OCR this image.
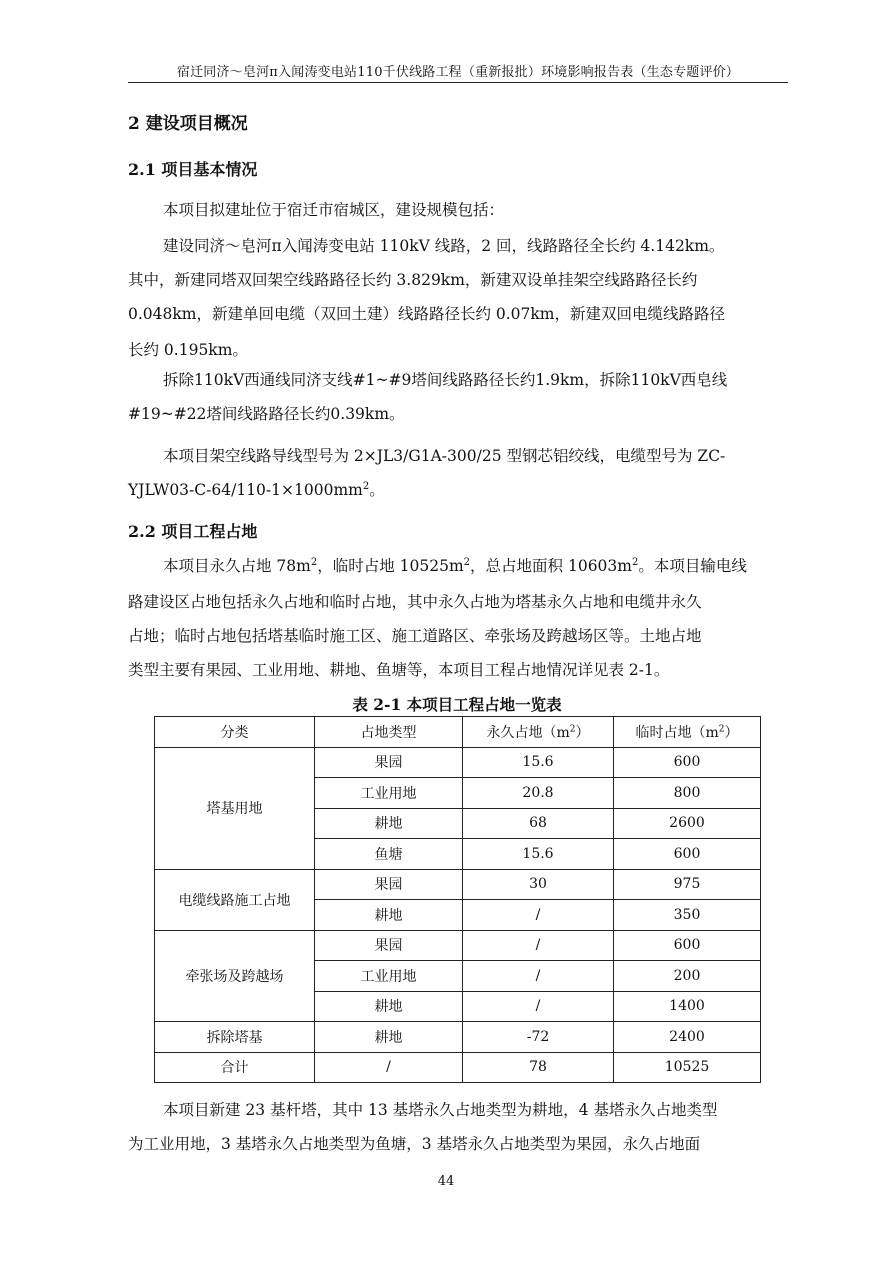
宿迁同济～皂河π入闻涛变电站110千伏线路工程（重新报批）环境影响报告表（生态专题评价）
2 建设项目概况
2.1 项目基本情况
本项目拟建址位于宿迁市宿城区，建设规模包括：
建设同济～皂河π入闻涛变电站 110kV 线路，2 回，线路路径全长约 4.142km。
其中，新建同塔双回架空线路路径长约 3.829km，新建双设单挂架空线路路径长约
0.048km，新建单回电缆（双回土建）线路路径长约 0.07km，新建双回电缆线路路径
长约 0.195km。
拆除110kV西通线同济支线#1~#9塔间线路路径长约1.9km，拆除110kV西皂线
#19~#22塔间线路路径长约0.39km。
本项目架空线路导线型号为 2×JL3/G1A-300/25 型钢芯铝绞线，电缆型号为 ZC-
$YJLW03-C-64/110-1\times 1000mm^2$。
2.2 项目工程占地
本项目永久占地 $78m^2$，临时占地 $10525m^2$，总占地面积 $10603m^2$。本项目输电线
路建设区占地包括永久占地和临时占地，其中永久占地为塔基永久占地和电缆井永久
占地；临时占地包括塔基临时施工区、施工道路区、牵张场及跨越场区等。土地占地
类型主要有果园、工业用地、耕地、鱼塘等，本项目工程占地情况详见表 2-1。
表 2-1 本项目工程占地一览表
分类	占地类型	永久占地$(m^2)$	临时占地$(m^2)$
塔基用地	果园	15.6	600
	工业用地	20.8	800
	耕地	68	2600
	鱼塘	15.6	600
电缆线路施工占地	果园	30	975
	耕地	/	350
牵张场及跨越场	果园	/	600
	工业用地	/	200
	耕地	/	1400
拆除塔基	耕地	-72	2400
合计	/	78	10525
本项目新建 23 基杆塔，其中 13 基塔永久占地类型为耕地，4 基塔永久占地类型
为工业用地，3 基塔永久占地类型为鱼塘，3 基塔永久占地类型为果园，永久占地面
44
